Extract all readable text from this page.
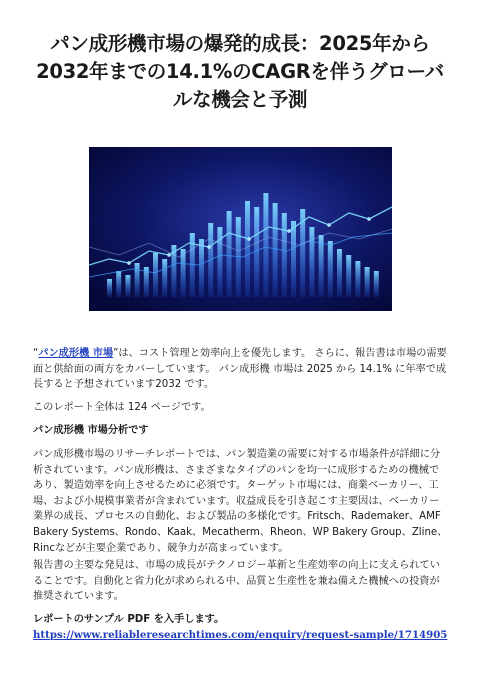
パン成形機市場の爆発的成長：2025年から2032年までの14.1%のCAGRを伴うグローバルな機会と予測

“パン成形機 市場”は、コスト管理と効率向上を優先します。 さらに、報告書は市場の需要面と供給面の両方をカバーしています。 パン成形機 市場は 2025 から 14.1% に年率で成長すると予想されています2032 です。

このレポート全体は 124 ページです。

パン成形機 市場分析です

パン成形機市場のリサーチレポートでは、パン製造業の需要に対する市場条件が詳細に分析されています。パン成形機は、さまざまなタイプのパンを均一に成形するための機械であり、製造効率を向上させるために必須です。ターゲット市場には、商業ベーカリー、工場、および小規模事業者が含まれています。収益成長を引き起こす主要因は、ベーカリー業界の成長、プロセスの自動化、および製品の多様化です。Fritsch、Rademaker、AMF Bakery Systems、Rondo、Kaak、Mecatherm、Rheon、WP Bakery Group、Zline、Rincなどが主要企業であり、競争力が高まっています。

報告書の主要な発見は、市場の成長がテクノロジー革新と生産効率の向上に支えられていることです。自動化と省力化が求められる中、品質と生産性を兼ね備えた機械への投資が推奨されています。

レポートのサンプル PDF を入手します。 https://www.reliableresearchtimes.com/enquiry/request-sample/1714905
